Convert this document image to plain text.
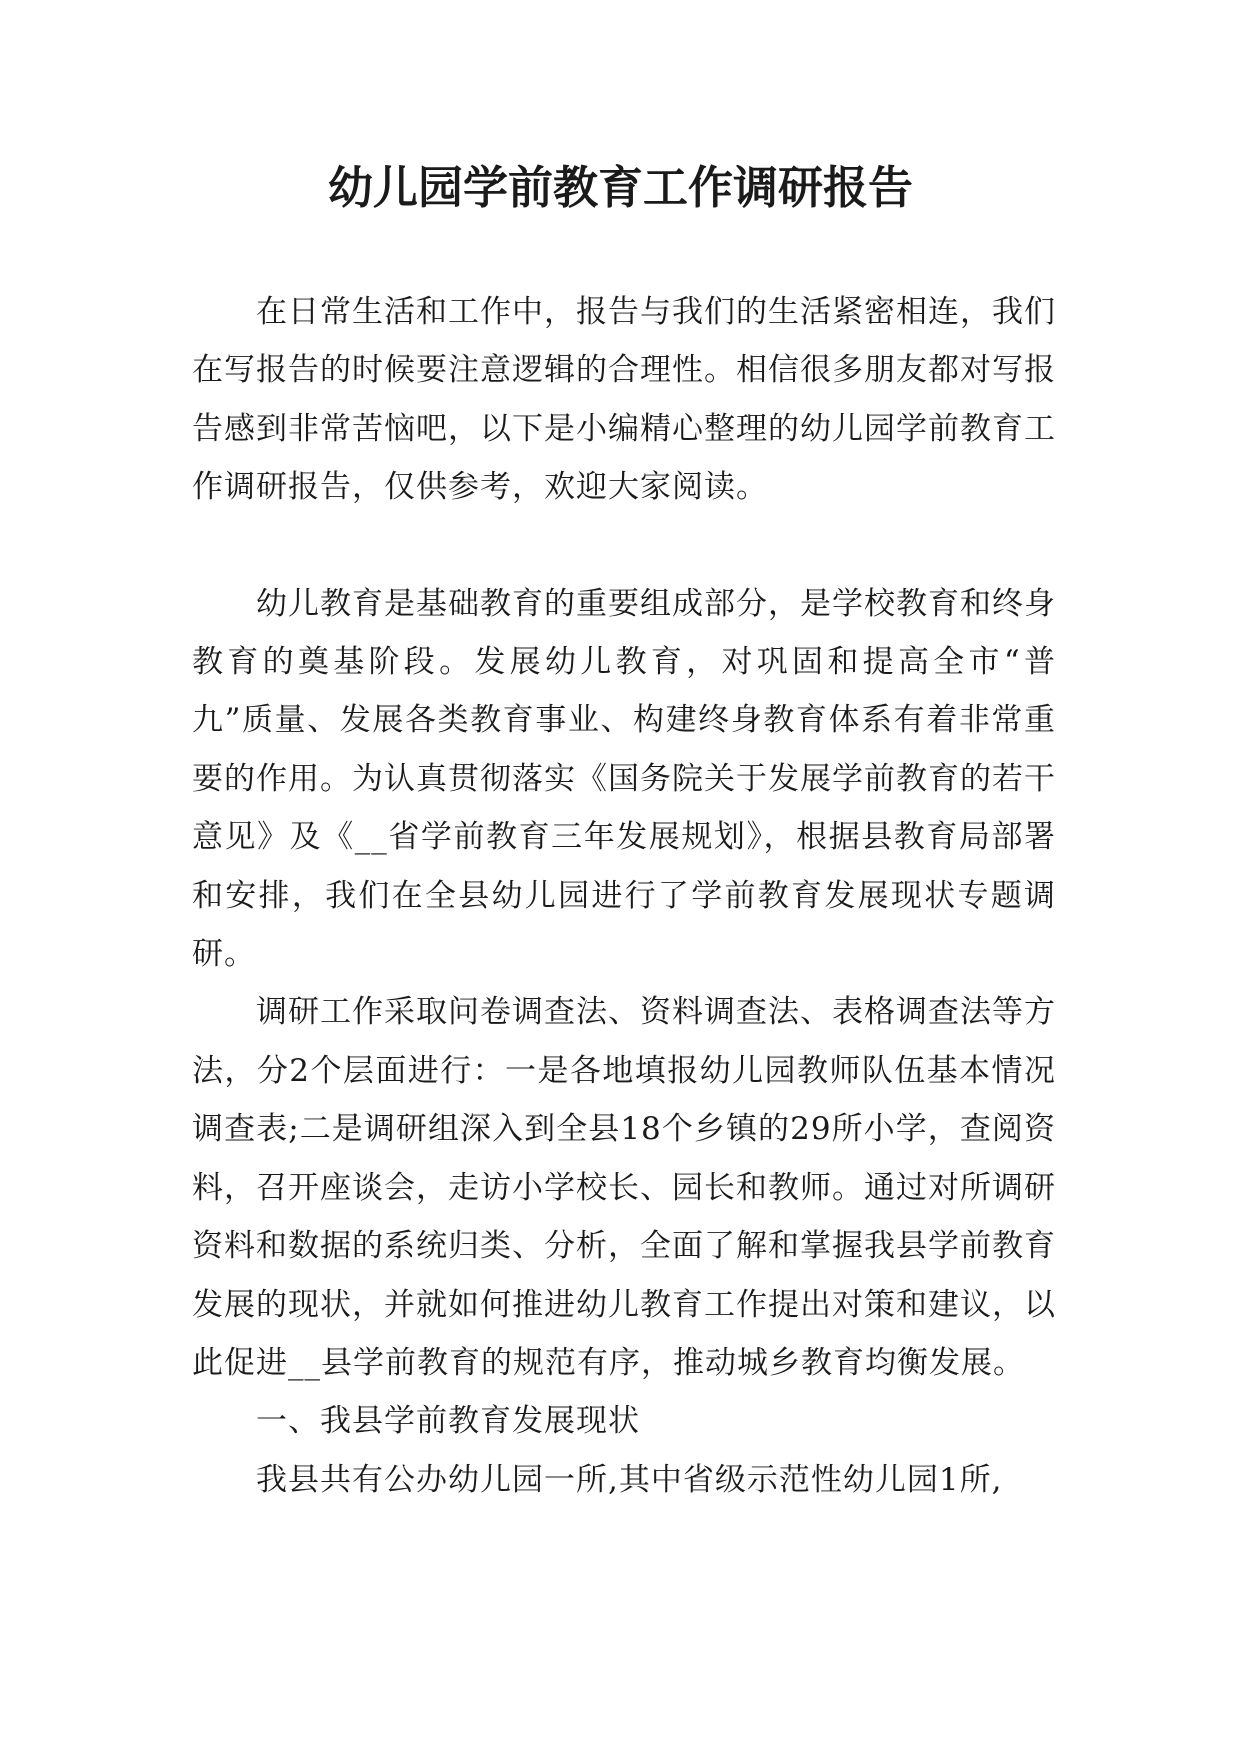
幼儿园学前教育工作调研报告

在日常生活和工作中，报告与我们的生活紧密相连，我们在写报告的时候要注意逻辑的合理性。相信很多朋友都对写报告感到非常苦恼吧，以下是小编精心整理的幼儿园学前教育工作调研报告，仅供参考，欢迎大家阅读。

幼儿教育是基础教育的重要组成部分，是学校教育和终身教育的奠基阶段。发展幼儿教育，对巩固和提高全市“普九”质量、发展各类教育事业、构建终身教育体系有着非常重要的作用。为认真贯彻落实《国务院关于发展学前教育的若干意见》及《__省学前教育三年发展规划》，根据县教育局部署和安排，我们在全县幼儿园进行了学前教育发展现状专题调研。

调研工作采取问卷调查法、资料调查法、表格调查法等方法，分2个层面进行：一是各地填报幼儿园教师队伍基本情况调查表;二是调研组深入到全县18个乡镇的29所小学，查阅资料，召开座谈会，走访小学校长、园长和教师。通过对所调研资料和数据的系统归类、分析，全面了解和掌握我县学前教育发展的现状，并就如何推进幼儿教育工作提出对策和建议，以此促进__县学前教育的规范有序，推动城乡教育均衡发展。

一、我县学前教育发展现状

我县共有公办幼儿园一所,其中省级示范性幼儿园1所,
